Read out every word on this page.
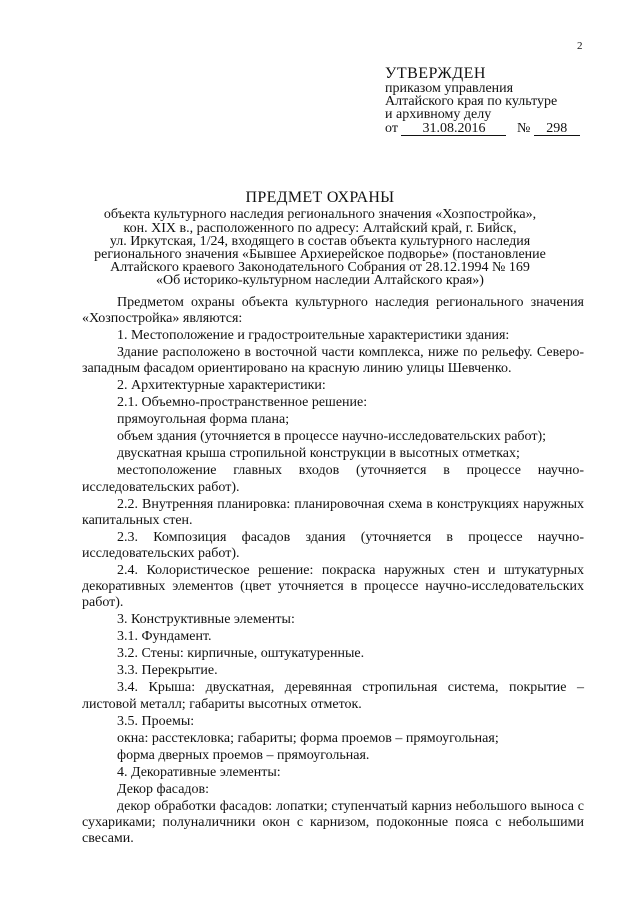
2
УТВЕРЖДЕН
приказом управления
Алтайского края по культуре
и архивному делу
от 31.08.2016 № 298
ПРЕДМЕТ ОХРАНЫ
объекта культурного наследия регионального значения «Хозпостройка»,
кон. XIX в., расположенного по адресу: Алтайский край, г. Бийск,
ул. Иркутская, 1/24, входящего в состав объекта культурного наследия
регионального значения «Бывшее Архиерейское подворье» (постановление
Алтайского краевого Законодательного Собрания от 28.12.1994 № 169
«Об историко-культурном наследии Алтайского края»)

Предметом охраны объекта культурного наследия регионального значения «Хозпостройка» являются:

1. Местоположение и градостроительные характеристики здания:

Здание расположено в восточной части комплекса, ниже по рельефу. Северо-западным фасадом ориентировано на красную линию улицы Шевченко.

2. Архитектурные характеристики:

2.1. Объемно-пространственное решение:

прямоугольная форма плана;

объем здания (уточняется в процессе научно-исследовательских работ);

двускатная крыша стропильной конструкции в высотных отметках;

местоположение главных входов (уточняется в процессе научно-исследовательских работ).

2.2. Внутренняя планировка: планировочная схема в конструкциях наружных капитальных стен.

2.3. Композиция фасадов здания (уточняется в процессе научно-исследовательских работ).

2.4. Колористическое решение: покраска наружных стен и штукатурных декоративных элементов (цвет уточняется в процессе научно-исследовательских работ).

3. Конструктивные элементы:

3.1. Фундамент.

3.2. Стены: кирпичные, оштукатуренные.

3.3. Перекрытие.

3.4. Крыша: двускатная, деревянная стропильная система, покрытие – листовой металл; габариты высотных отметок.

3.5. Проемы:

окна: расстекловка; габариты; форма проемов – прямоугольная;

форма дверных проемов – прямоугольная.

4. Декоративные элементы:

Декор фасадов:

декор обработки фасадов: лопатки; ступенчатый карниз небольшого выноса с сухариками; полуналичники окон с карнизом, подоконные пояса с небольшими свесами.
